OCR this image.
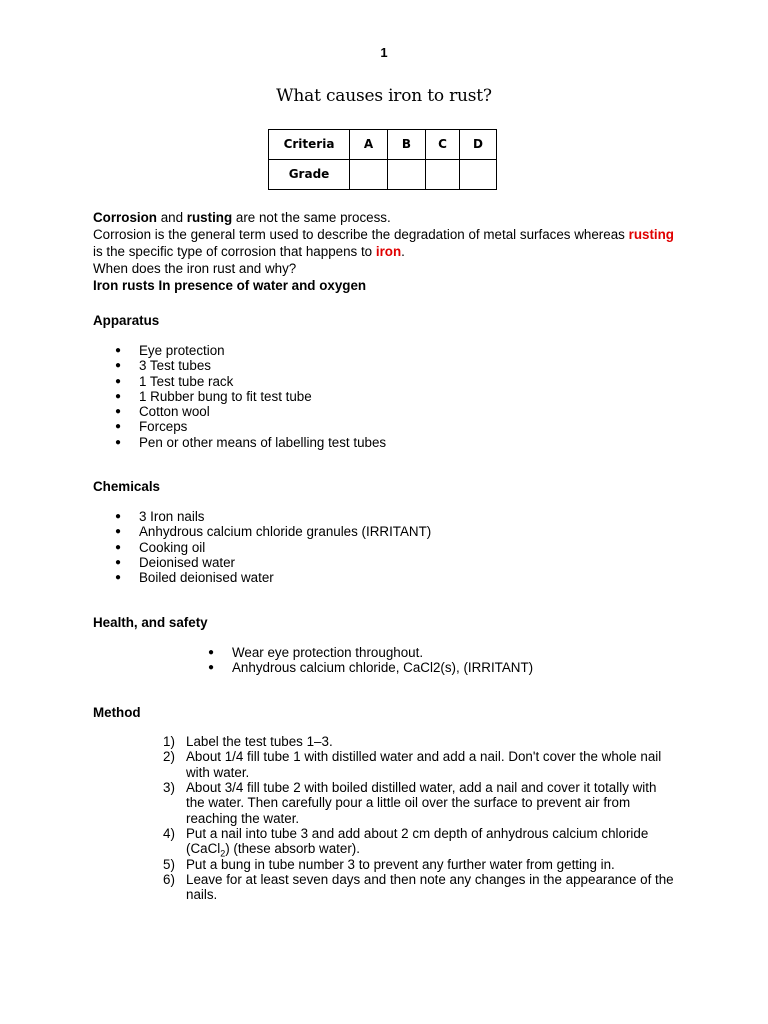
1
What causes iron to rust?
Criteria	A	B	C	D
Grade				

Corrosion and rusting are not the same process.

Corrosion is the general term used to describe the degradation of metal surfaces whereas rusting is the specific type of corrosion that happens to iron.

When does the iron rust and why?

Iron rusts In presence of water and oxygen

Apparatus

● Eye protection
● 3 Test tubes
● 1 Test tube rack
● 1 Rubber bung to fit test tube
● Cotton wool
● Forceps
● Pen or other means of labelling test tubes

Chemicals

● 3 Iron nails
● Anhydrous calcium chloride granules (IRRITANT)
● Cooking oil
● Deionised water
● Boiled deionised water

Health, and safety

● Wear eye protection throughout.
● Anhydrous calcium chloride, CaCl2(s), (IRRITANT)

Method

1) Label the test tubes 1–3.
2) About 1/4 fill tube 1 with distilled water and add a nail. Don't cover the whole nail with water.
3) About 3/4 fill tube 2 with boiled distilled water, add a nail and cover it totally with the water. Then carefully pour a little oil over the surface to prevent air from reaching the water.
4) Put a nail into tube 3 and add about 2 cm depth of anhydrous calcium chloride (CaCl$_2$) (these absorb water).
5) Put a bung in tube number 3 to prevent any further water from getting in.
6) Leave for at least seven days and then note any changes in the appearance of the nails.
